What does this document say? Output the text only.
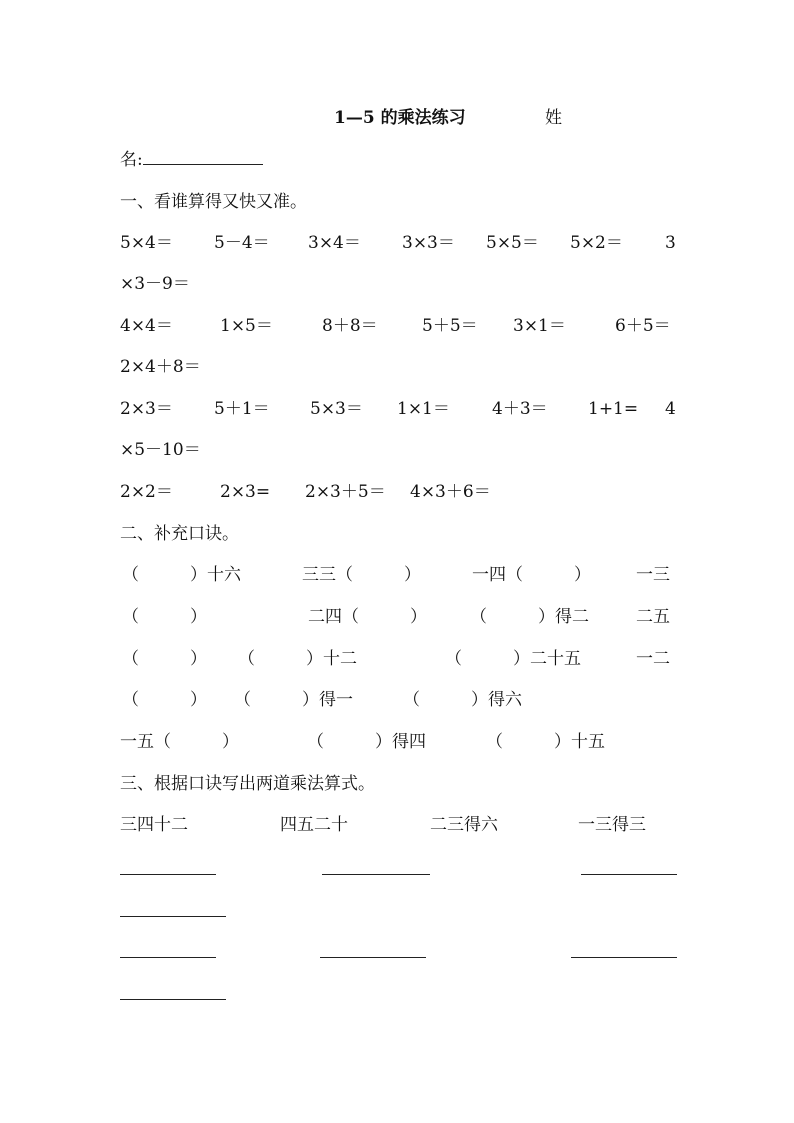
1—5 的乘法练习	姓
名:
一、看谁算得又快又准。
5×4＝ 5－4＝ 3×4＝ 3×3＝ 5×5＝ 5×2＝ 3
×3－9＝
4×4＝	1×5＝	8＋8＝	5＋5＝ 3×1＝	6＋5＝
2×4＋8＝
2×3＝ 5＋1＝ 5×3＝ 1×1＝ 4＋3＝ 1+1= 4
×5－10＝
2×2＝	2×3= 2×3＋5＝ 4×3＋6＝
二、补充口诀。
（　　　）十六	三三（　　　）	一四（　　　）	一三
（　　　）	二四（　　　）	（　　　）得二	二五
（　　　） （　　　）十二	（　　　）二十五	一二
（　　　） （　　　）得一	（　　　）得六
一五（　　　）	（　　　）得四	（　　　）十五
三、根据口诀写出两道乘法算式。
三四十二	四五二十	二三得六	一三得三
